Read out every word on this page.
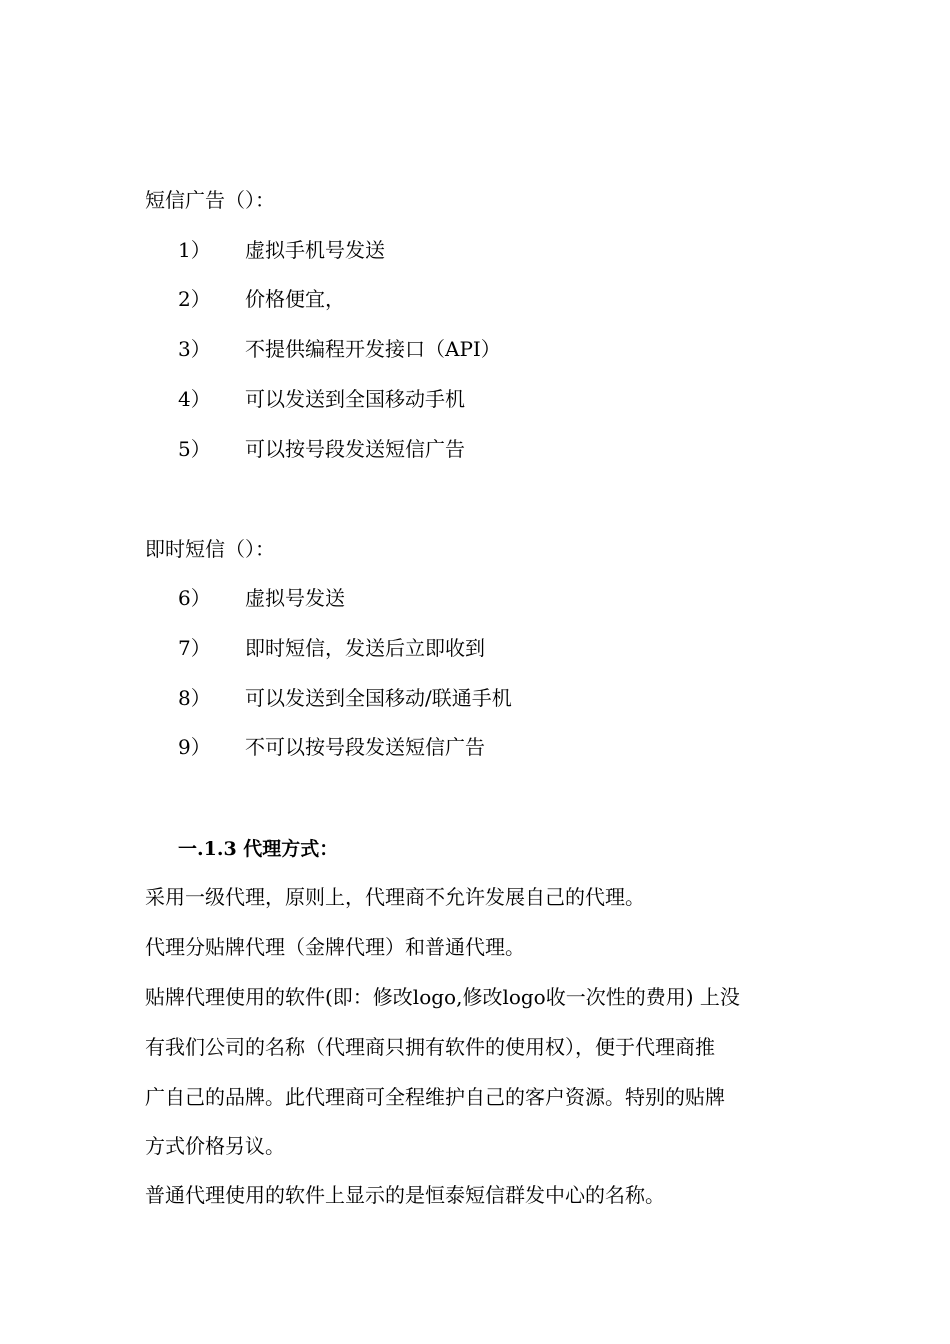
短信广告（）：
1） 虚拟手机号发送
2） 价格便宜，
3） 不提供编程开发接口（API）
4） 可以发送到全国移动手机
5） 可以按号段发送短信广告
即时短信（）：
6） 虚拟号发送
7） 即时短信，发送后立即收到
8） 可以发送到全国移动/联通手机
9） 不可以按号段发送短信广告
一.1.3 代理方式：
采用一级代理，原则上，代理商不允许发展自己的代理。
代理分贴牌代理（金牌代理）和普通代理。
贴牌代理使用的软件(即：修改logo,修改logo收一次性的费用) 上没
有我们公司的名称（代理商只拥有软件的使用权），便于代理商推
广自己的品牌。此代理商可全程维护自己的客户资源。特别的贴牌
方式价格另议。
普通代理使用的软件上显示的是恒泰短信群发中心的名称。
